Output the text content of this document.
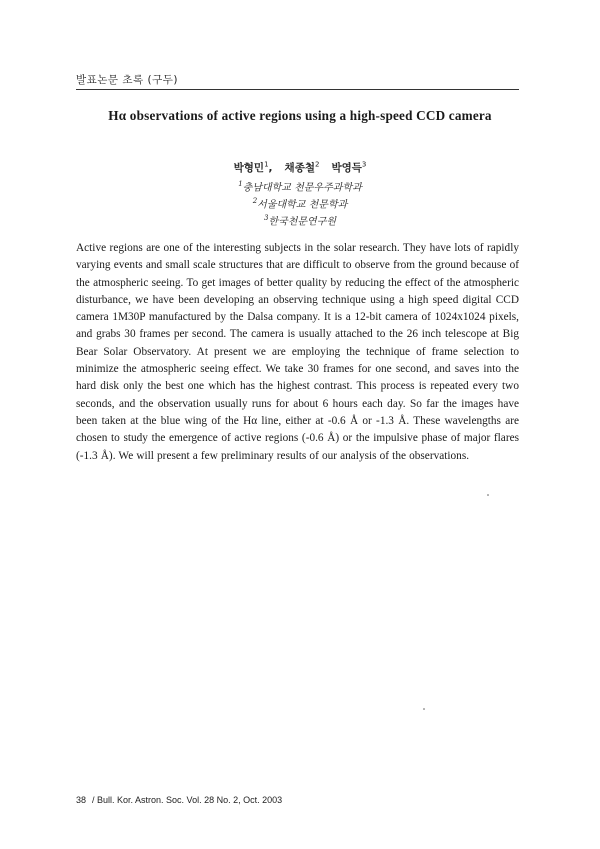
발표논문 초록 (구두)
Hα observations of active regions using a high-speed CCD camera
박형민$^1$, 채종철$^2$ 박영득$^3$
$^1$충남대학교 천문우주과학과
$^2$서울대학교 천문학과
$^3$한국천문연구원

Active regions are one of the interesting subjects in the solar research. They have lots of rapidly varying events and small scale structures that are difficult to observe from the ground because of the atmospheric seeing. To get images of better quality by reducing the effect of the atmospheric disturbance, we have been developing an observing technique using a high speed digital CCD camera 1M30P manufactured by the Dalsa company. It is a 12-bit camera of 1024x1024 pixels, and grabs 30 frames per second. The camera is usually attached to the 26 inch telescope at Big Bear Solar Observatory. At present we are employing the technique of frame selection to minimize the atmospheric seeing effect. We take 30 frames for one second, and saves into the hard disk only the best one which has the highest contrast. This process is repeated every two seconds, and the observation usually runs for about 6 hours each day. So far the images have been taken at the blue wing of the Hα line, either at -0.6 Å or -1.3 Å. These wavelengths are chosen to study the emergence of active regions (-0.6 Å) or the impulsive phase of major flares (-1.3 Å). We will present a few preliminary results of our analysis of the observations.

38 / Bull. Kor. Astron. Soc. Vol. 28 No. 2, Oct. 2003
